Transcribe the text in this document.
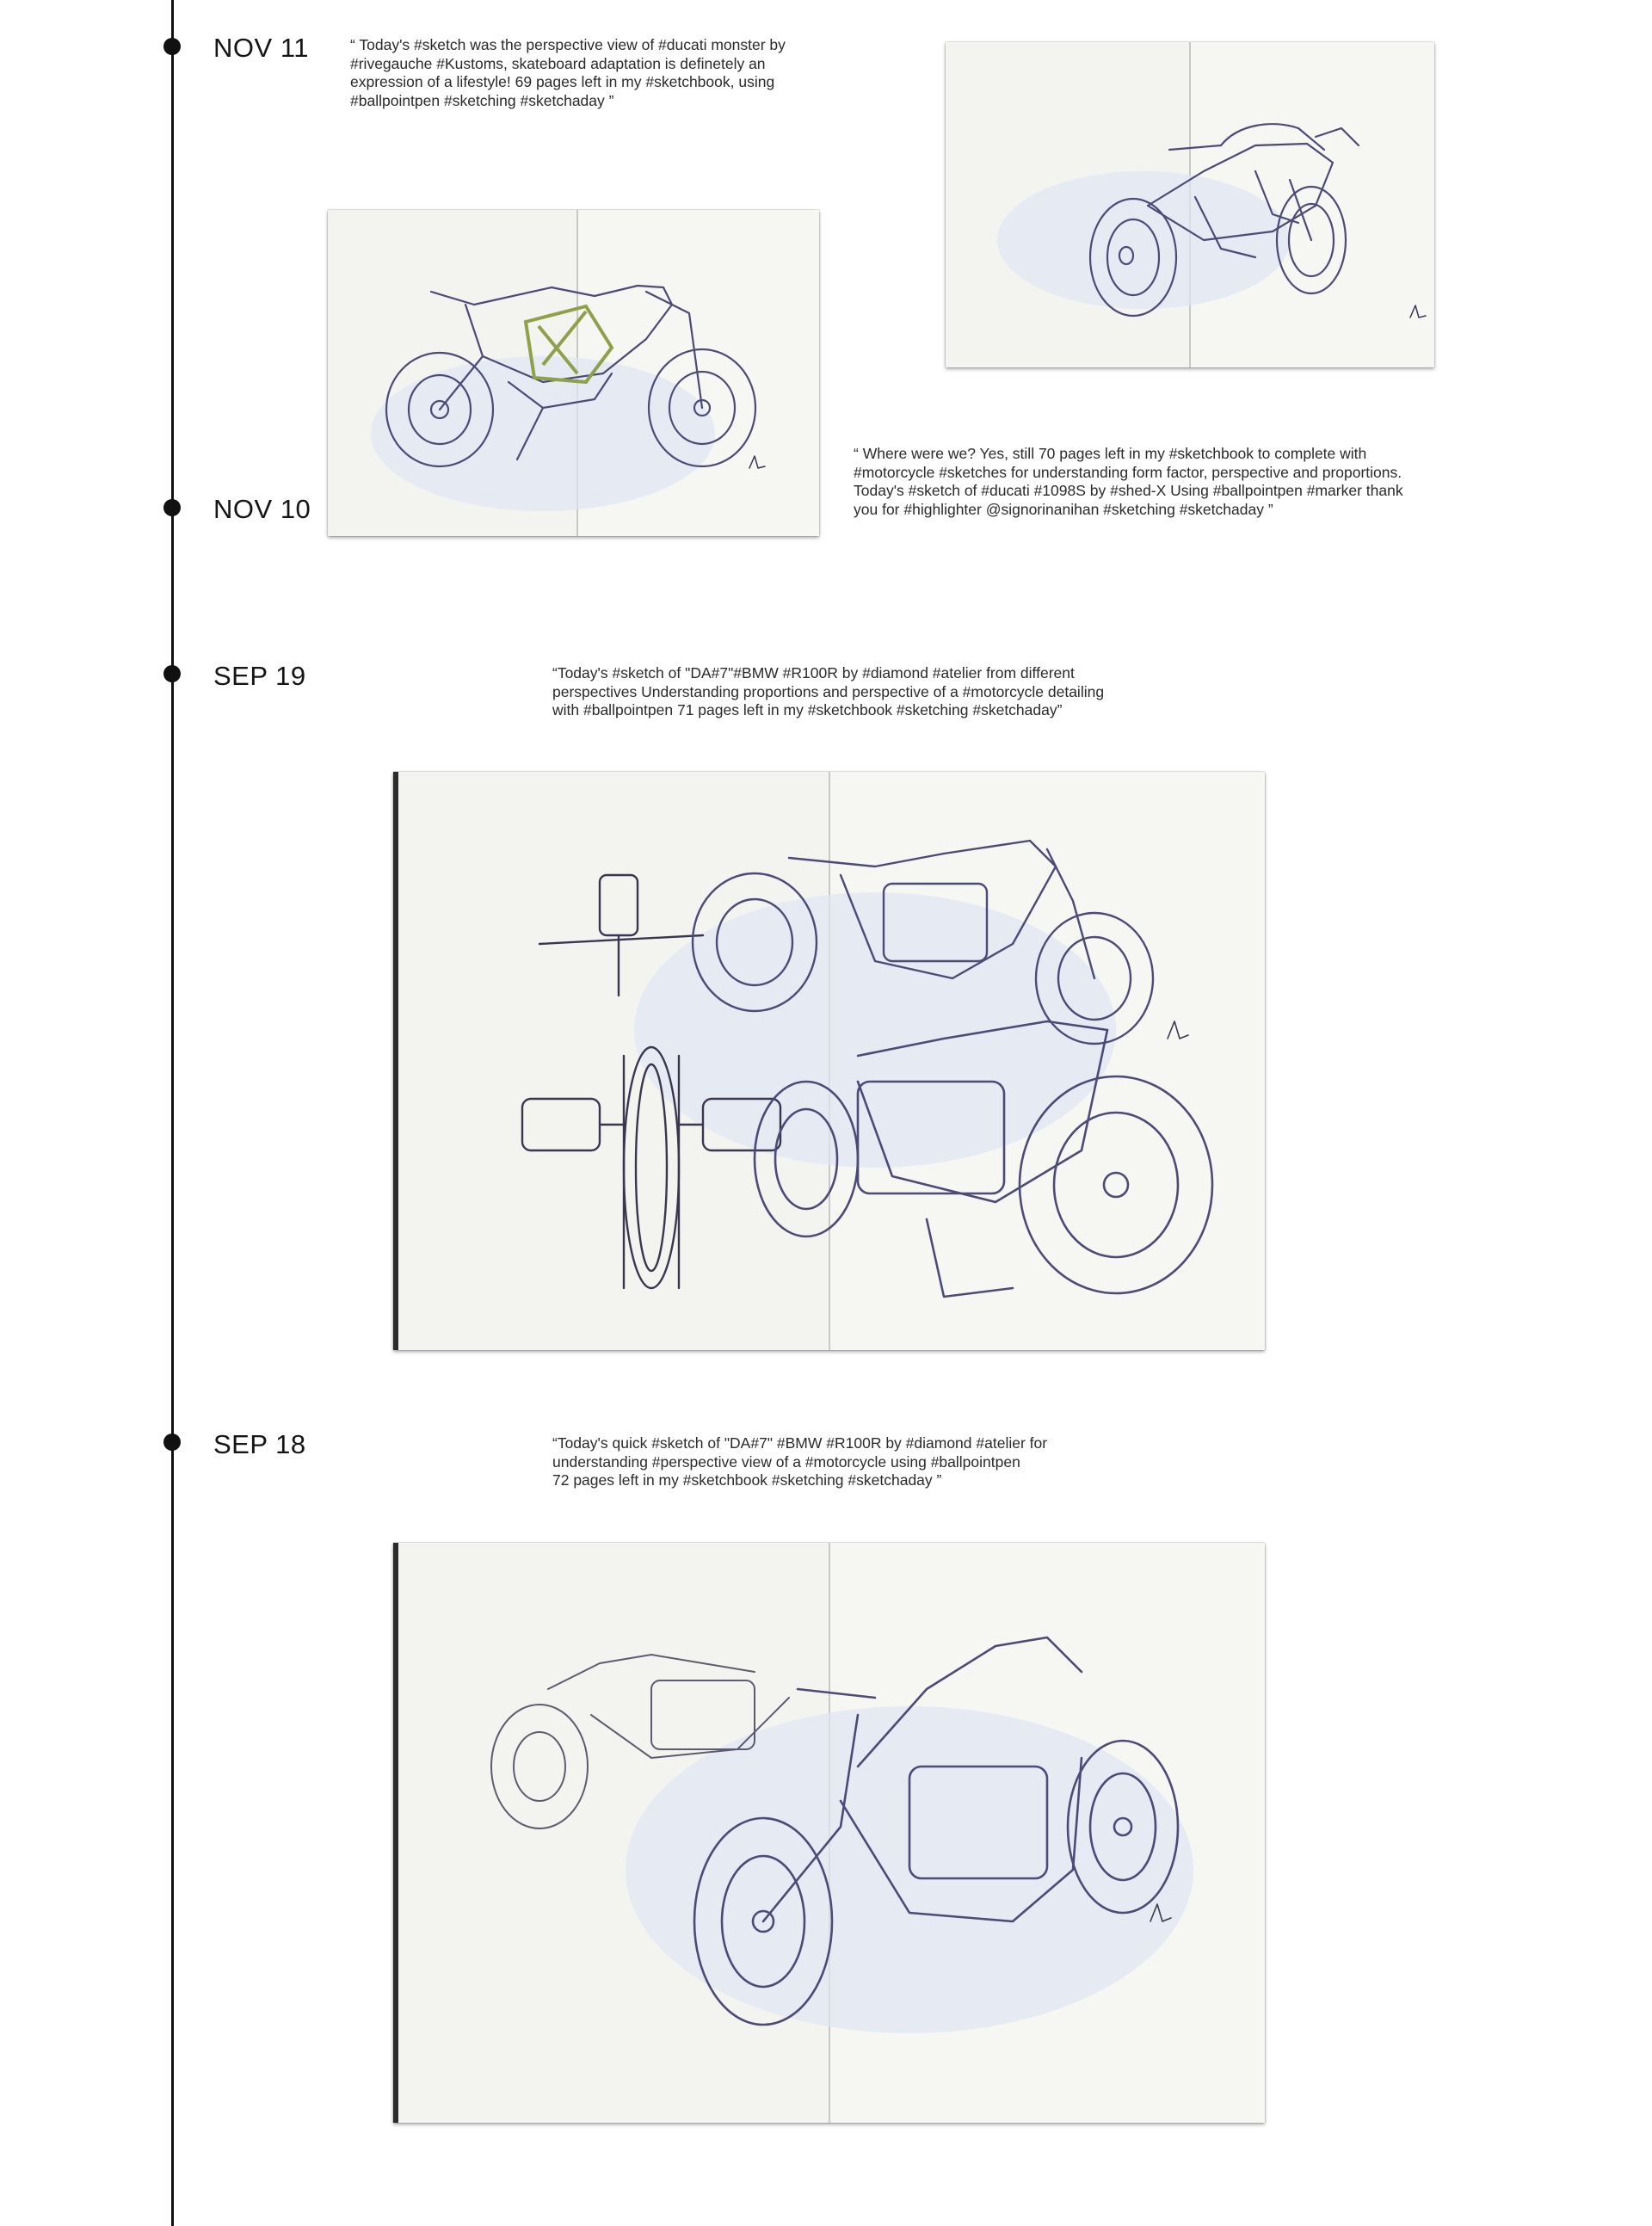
NOV 11	“ Today's #sketch was the perspective view of #ducati monster by
#rivegauche #Kustoms, skateboard adaptation is definetely an
expression of a lifestyle! 69 pages left in my #sketchbook, using
#ballpointpen #sketching #sketchaday ”
NOV 10
“ Where were we? Yes, still 70 pages left in my #sketchbook to complete with
#motorcycle #sketches for understanding form factor, perspective and proportions.
Today's #sketch of #ducati #1098S by #shed-X Using #ballpointpen #marker thank
you for #highlighter @signorinanihan #sketching #sketchaday ”
SEP 19	“Today's #sketch of "DA#7"#BMW #R100R by #diamond #atelier from different
perspectives Understanding proportions and perspective of a #motorcycle detailing
with #ballpointpen 71 pages left in my #sketchbook #sketching #sketchaday”
SEP 18	“Today's quick #sketch of "DA#7" #BMW #R100R by #diamond #atelier for
understanding #perspective view of a #motorcycle using #ballpointpen
72 pages left in my #sketchbook #sketching #sketchaday ”
